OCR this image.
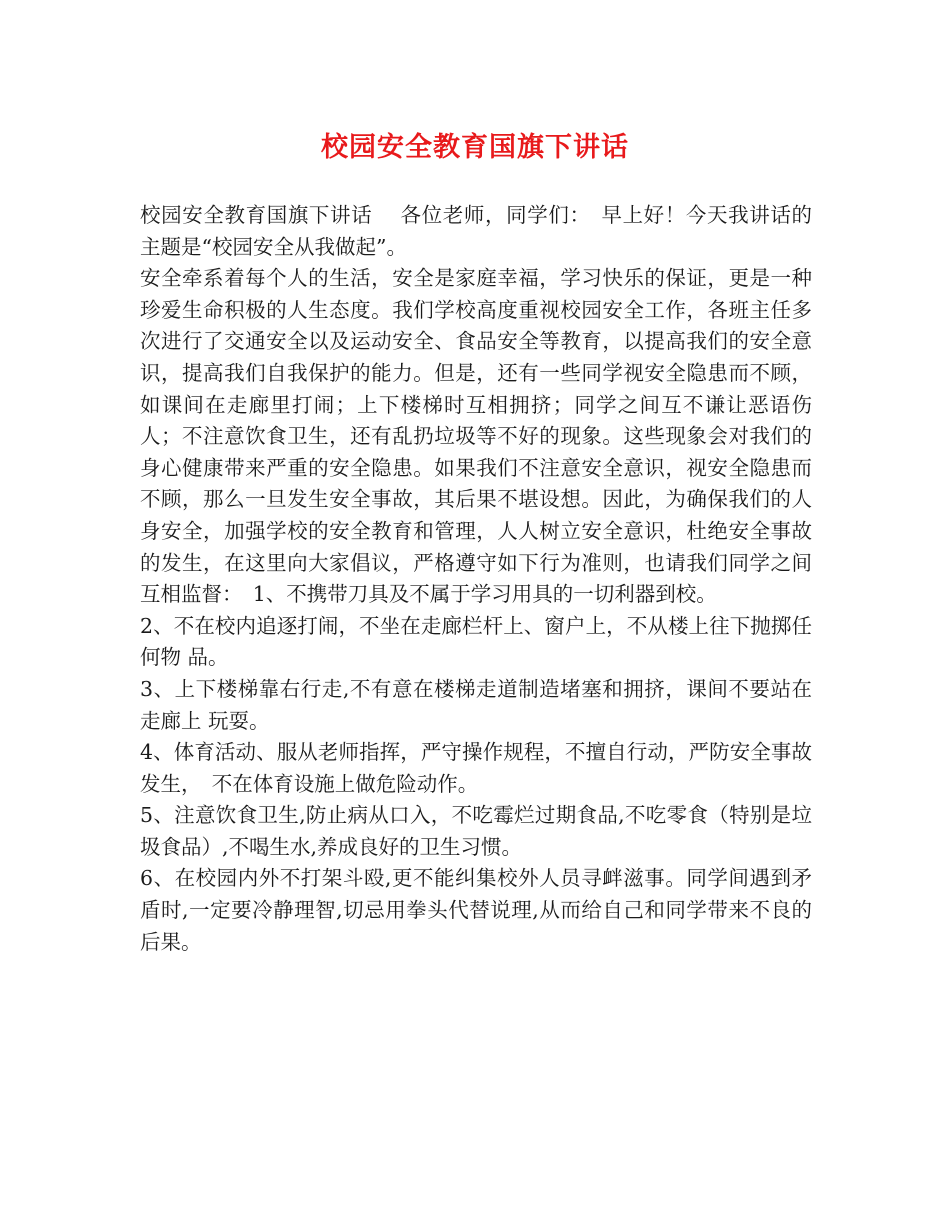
校园安全教育国旗下讲话

校园安全教育国旗下讲话　 各位老师，同学们：　早上好！今天我讲话的主题是“校园安全从我做起”。

安全牵系着每个人的生活，安全是家庭幸福，学习快乐的保证，更是一种珍爱生命积极的人生态度。我们学校高度重视校园安全工作，各班主任多次进行了交通安全以及运动安全、食品安全等教育，以提高我们的安全意识，提高我们自我保护的能力。但是，还有一些同学视安全隐患而不顾，如课间在走廊里打闹；上下楼梯时互相拥挤；同学之间互不谦让恶语伤人；不注意饮食卫生，还有乱扔垃圾等不好的现象。这些现象会对我们的身心健康带来严重的安全隐患。如果我们不注意安全意识，视安全隐患而不顾，那么一旦发生安全事故，其后果不堪设想。因此，为确保我们的人身安全，加强学校的安全教育和管理，人人树立安全意识，杜绝安全事故的发生，在这里向大家倡议，严格遵守如下行为准则，也请我们同学之间互相监督：　1、不携带刀具及不属于学习用具的一切利器到校。

2、不在校内追逐打闹，不坐在走廊栏杆上、窗户上，不从楼上往下抛掷任何物 品。

3、上下楼梯靠右行走,不有意在楼梯走道制造堵塞和拥挤，课间不要站在走廊上 玩耍。

4、体育活动、服从老师指挥，严守操作规程，不擅自行动，严防安全事故发生，　不在体育设施上做危险动作。

5、注意饮食卫生,防止病从口入，不吃霉烂过期食品,不吃零食（特别是垃圾食品）,不喝生水,养成良好的卫生习惯。

6、在校园内外不打架斗殴,更不能纠集校外人员寻衅滋事。同学间遇到矛盾时,一定要冷静理智,切忌用拳头代替说理,从而给自己和同学带来不良的后果。
